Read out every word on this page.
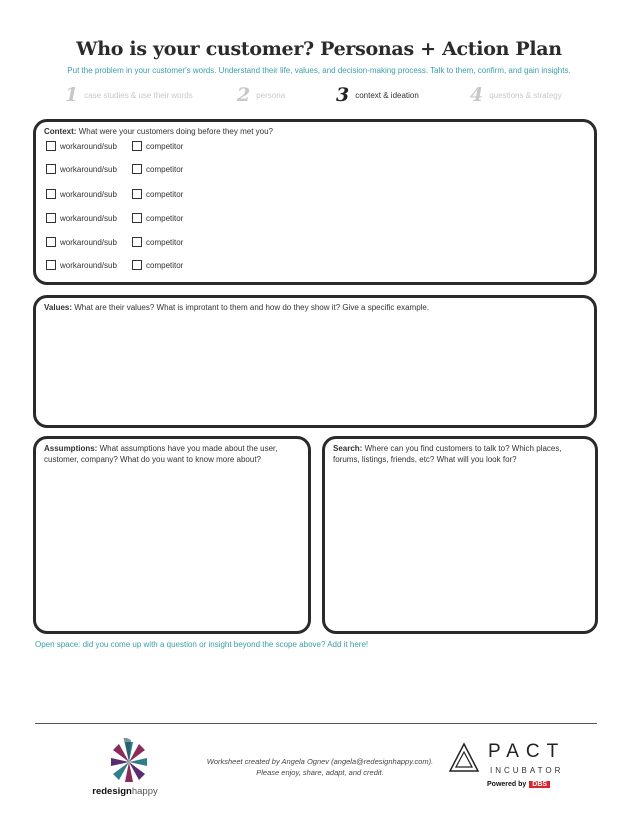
Who is your customer? Personas + Action Plan
Put the problem in your customer's words. Understand their life, values, and decision-making process. Talk to them, confirm, and gain insights.
1 case studies & use their words 2 persona	3 context & ideation	4 questions & strategy
Context: What were your customers doing before they met you?
workaround/sub	competitor
workaround/sub	competitor
workaround/sub	competitor
workaround/sub	competitor
workaround/sub	competitor
workaround/sub	competitor
Values: What are their values? What is improtant to them and how do they show it? Give a specific example.
Assumptions: What assumptions have you made about the user, customer, company? What do you want to know more about?
Search: Where can you find customers to talk to? Which places, forums, listings, friends, etc? What will you look for?
Open space: did you come up with a question or insight beyond the scope above? Add it here!
redesignhappy
Worksheet created by Angela Ognev (angela@redesignhappy.com).
Please enjoy, share, adapt, and credit.
PACT
INCUBATOR
Powered by DBS
